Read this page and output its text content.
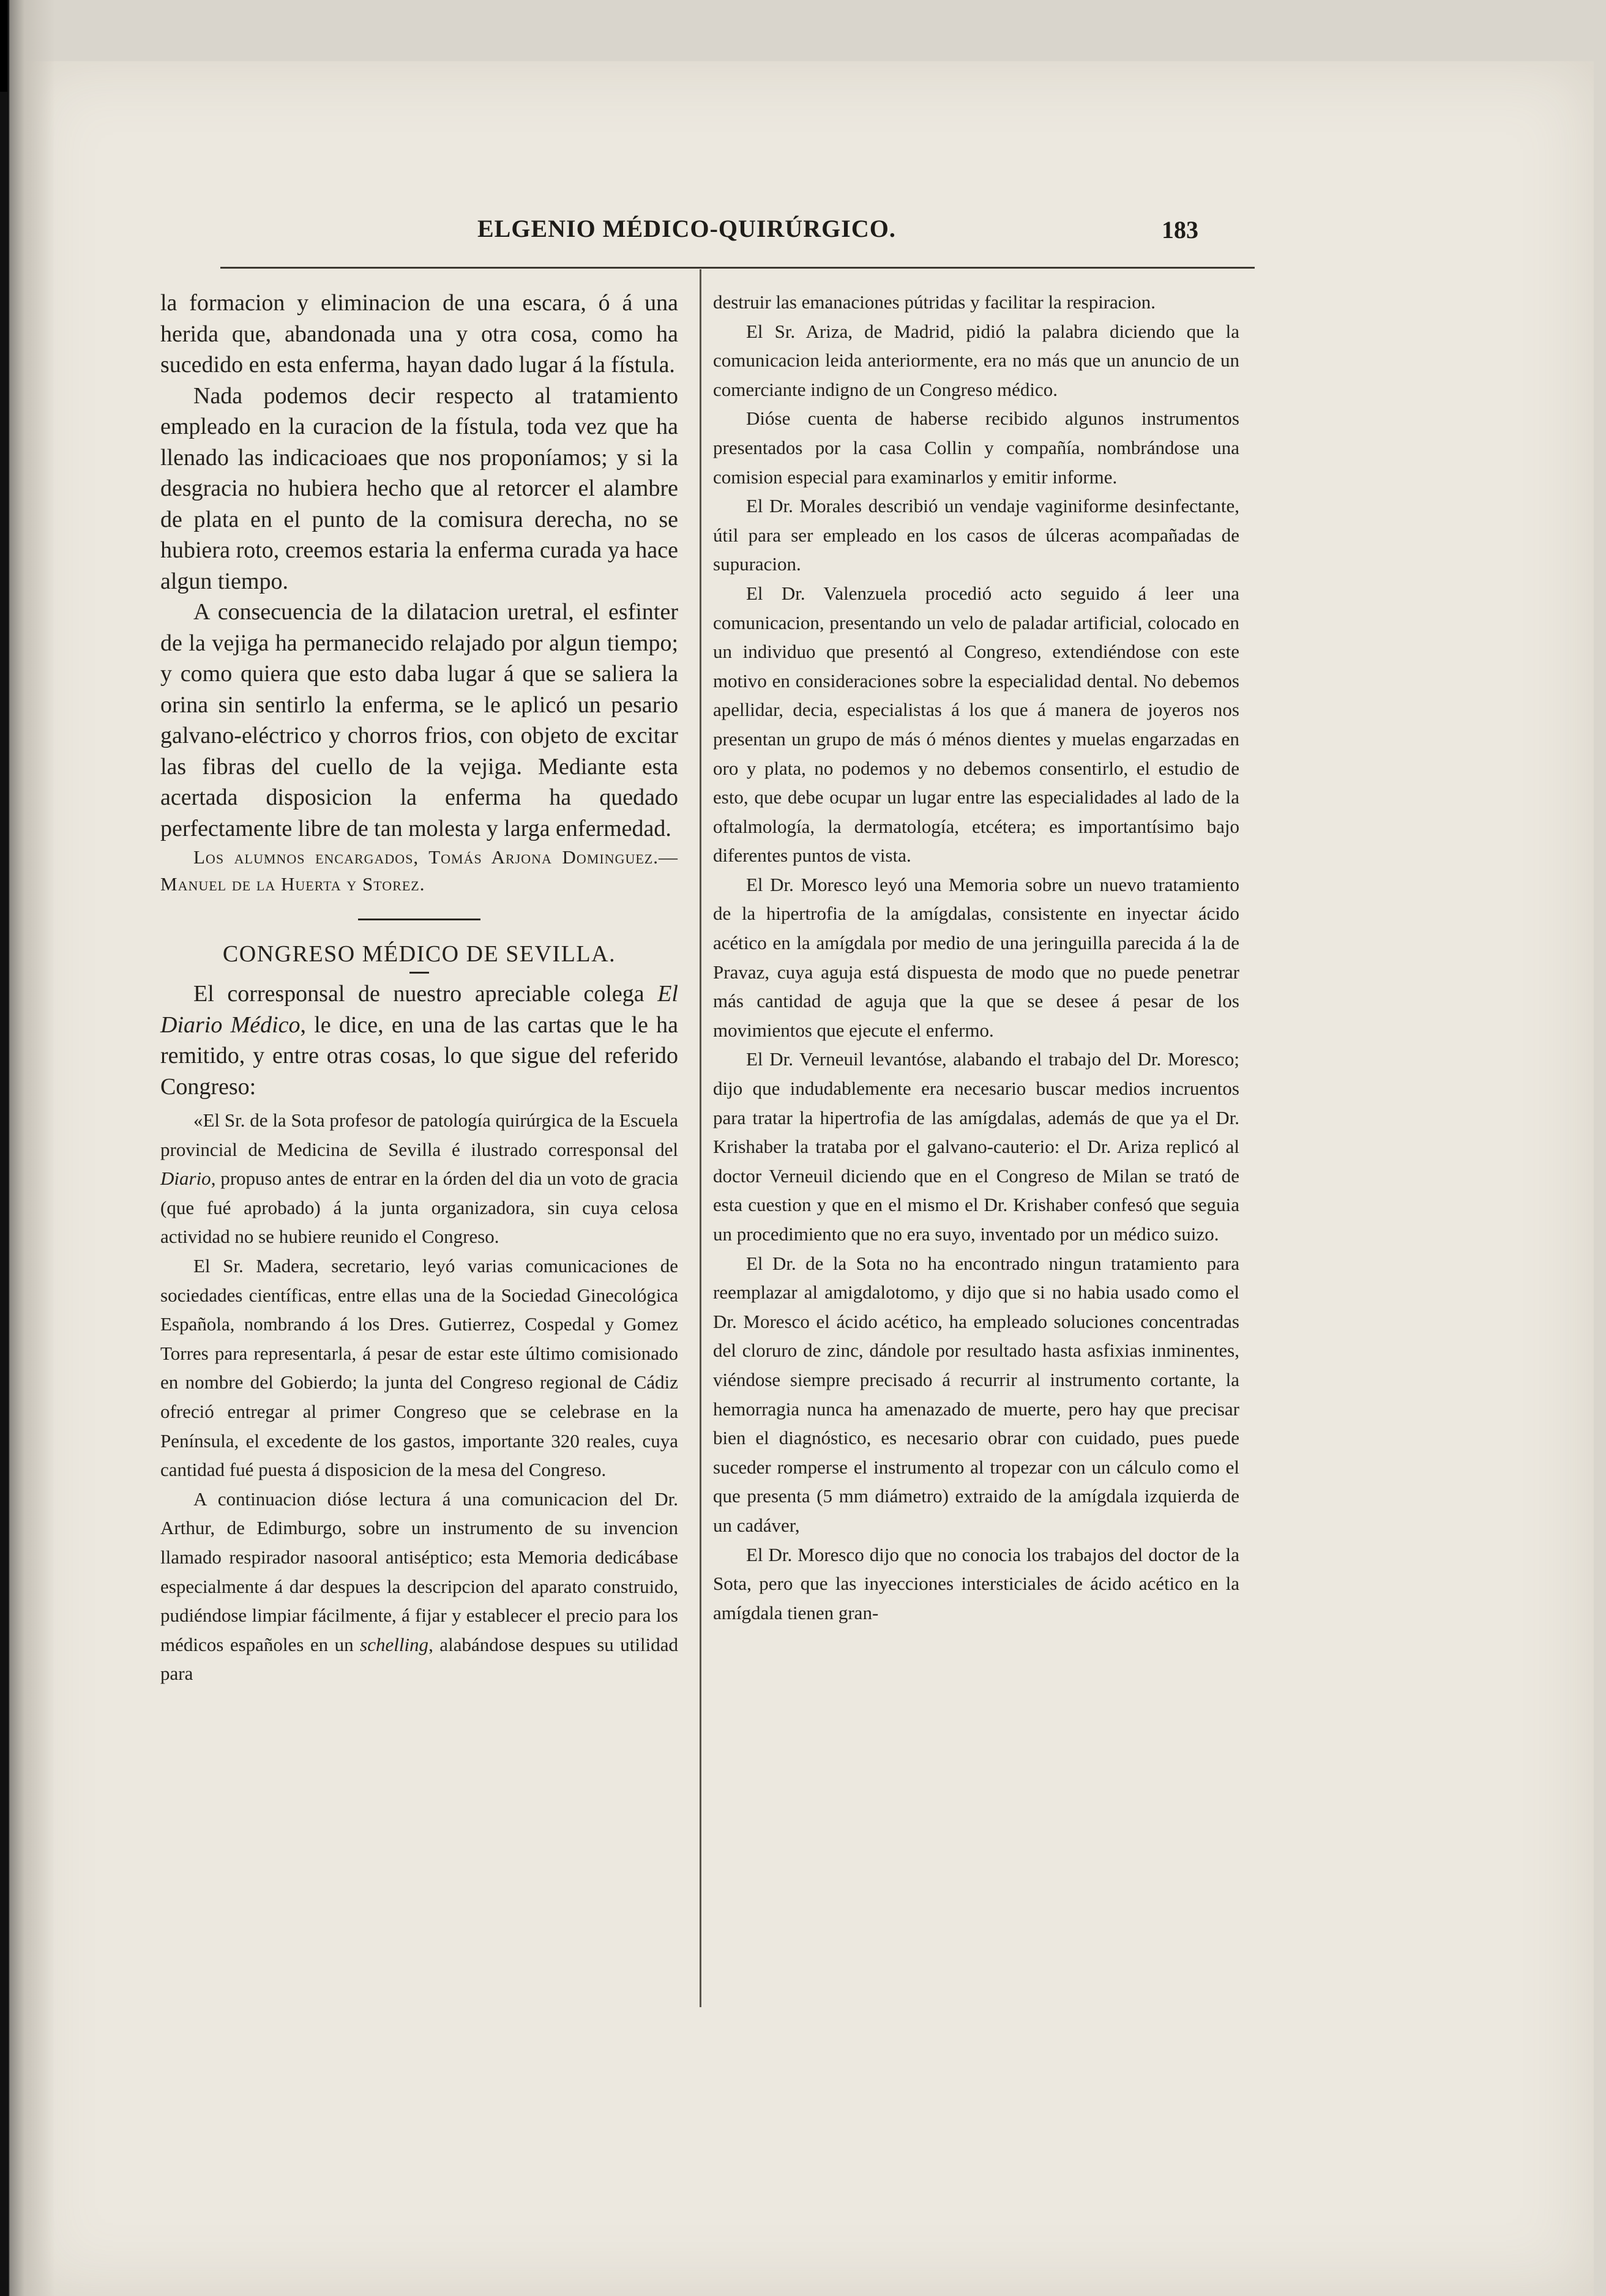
ELGENIO MÉDICO-QUIRÚRGICO.	183

la formacion y eliminacion de una escara, ó á una herida que, abandonada una y otra cosa, como ha sucedido en esta enferma, hayan dado lugar á la fístula.

Nada podemos decir respecto al tratamiento empleado en la curacion de la fístula, toda vez que ha llenado las indicacioaes que nos proponíamos; y si la desgracia no hubiera hecho que al retorcer el alambre de plata en el punto de la comisura derecha, no se hubiera roto, creemos estaria la enferma curada ya hace algun tiempo.

A consecuencia de la dilatacion uretral, el esfinter de la vejiga ha permanecido relajado por algun tiempo; y como quiera que esto daba lugar á que se saliera la orina sin sentirlo la enferma, se le aplicó un pesario galvano-eléctrico y chorros frios, con objeto de excitar las fibras del cuello de la vejiga. Mediante esta acertada disposicion la enferma ha quedado perfectamente libre de tan molesta y larga enfermedad.

Los alumnos encargados, Tomás Arjona Dominguez.—Manuel de la Huerta y Storez.

CONGRESO MÉDICO DE SEVILLA.

El corresponsal de nuestro apreciable colega El Diario Médico, le dice, en una de las cartas que le ha remitido, y entre otras cosas, lo que sigue del referido Congreso:

«El Sr. de la Sota profesor de patología quirúrgica de la Escuela provincial de Medicina de Sevilla é ilustrado corresponsal del Diario, propuso antes de entrar en la órden del dia un voto de gracia (que fué aprobado) á la junta organizadora, sin cuya celosa actividad no se hubiere reunido el Congreso.

El Sr. Madera, secretario, leyó varias comunicaciones de sociedades científicas, entre ellas una de la Sociedad Ginecológica Española, nombrando á los Dres. Gutierrez, Cospedal y Gomez Torres para representarla, á pesar de estar este último comisionado en nombre del Gobierdo; la junta del Congreso regional de Cádiz ofreció entregar al primer Congreso que se celebrase en la Península, el excedente de los gastos, importante 320 reales, cuya cantidad fué puesta á disposicion de la mesa del Congreso.

A continuacion dióse lectura á una comunicacion del Dr. Arthur, de Edimburgo, sobre un instrumento de su invencion llamado respirador nasooral antiséptico; esta Memoria dedicábase especialmente á dar despues la descripcion del aparato construido, pudiéndose limpiar fácilmente, á fijar y establecer el precio para los médicos españoles en un schelling, alabándose despues su utilidad para

destruir las emanaciones pútridas y facilitar la respiracion.

El Sr. Ariza, de Madrid, pidió la palabra diciendo que la comunicacion leida anteriormente, era no más que un anuncio de un comerciante indigno de un Congreso médico.

Dióse cuenta de haberse recibido algunos instrumentos presentados por la casa Collin y compañía, nombrándose una comision especial para examinarlos y emitir informe.

El Dr. Morales describió un vendaje vaginiforme desinfectante, útil para ser empleado en los casos de úlceras acompañadas de supuracion.

El Dr. Valenzuela procedió acto seguido á leer una comunicacion, presentando un velo de paladar artificial, colocado en un individuo que presentó al Congreso, extendiéndose con este motivo en consideraciones sobre la especialidad dental. No debemos apellidar, decia, especialistas á los que á manera de joyeros nos presentan un grupo de más ó ménos dientes y muelas engarzadas en oro y plata, no podemos y no debemos consentirlo, el estudio de esto, que debe ocupar un lugar entre las especialidades al lado de la oftalmología, la dermatología, etcétera; es importantísimo bajo diferentes puntos de vista.

El Dr. Moresco leyó una Memoria sobre un nuevo tratamiento de la hipertrofia de la amígdalas, consistente en inyectar ácido acético en la amígdala por medio de una jeringuilla parecida á la de Pravaz, cuya aguja está dispuesta de modo que no puede penetrar más cantidad de aguja que la que se desee á pesar de los movimientos que ejecute el enfermo.

El Dr. Verneuil levantóse, alabando el trabajo del Dr. Moresco; dijo que indudablemente era necesario buscar medios incruentos para tratar la hipertrofia de las amígdalas, además de que ya el Dr. Krishaber la trataba por el galvano-cauterio: el Dr. Ariza replicó al doctor Verneuil diciendo que en el Congreso de Milan se trató de esta cuestion y que en el mismo el Dr. Krishaber confesó que seguia un procedimiento que no era suyo, inventado por un médico suizo.

El Dr. de la Sota no ha encontrado ningun tratamiento para reemplazar al amigdalotomo, y dijo que si no habia usado como el Dr. Moresco el ácido acético, ha empleado soluciones concentradas del cloruro de zinc, dándole por resultado hasta asfixias inminentes, viéndose siempre precisado á recurrir al instrumento cortante, la hemorragia nunca ha amenazado de muerte, pero hay que precisar bien el diagnóstico, es necesario obrar con cuidado, pues puede suceder romperse el instrumento al tropezar con un cálculo como el que presenta (5 mm diámetro) extraido de la amígdala izquierda de un cadáver,

El Dr. Moresco dijo que no conocia los trabajos del doctor de la Sota, pero que las inyecciones intersticiales de ácido acético en la amígdala tienen gran-
